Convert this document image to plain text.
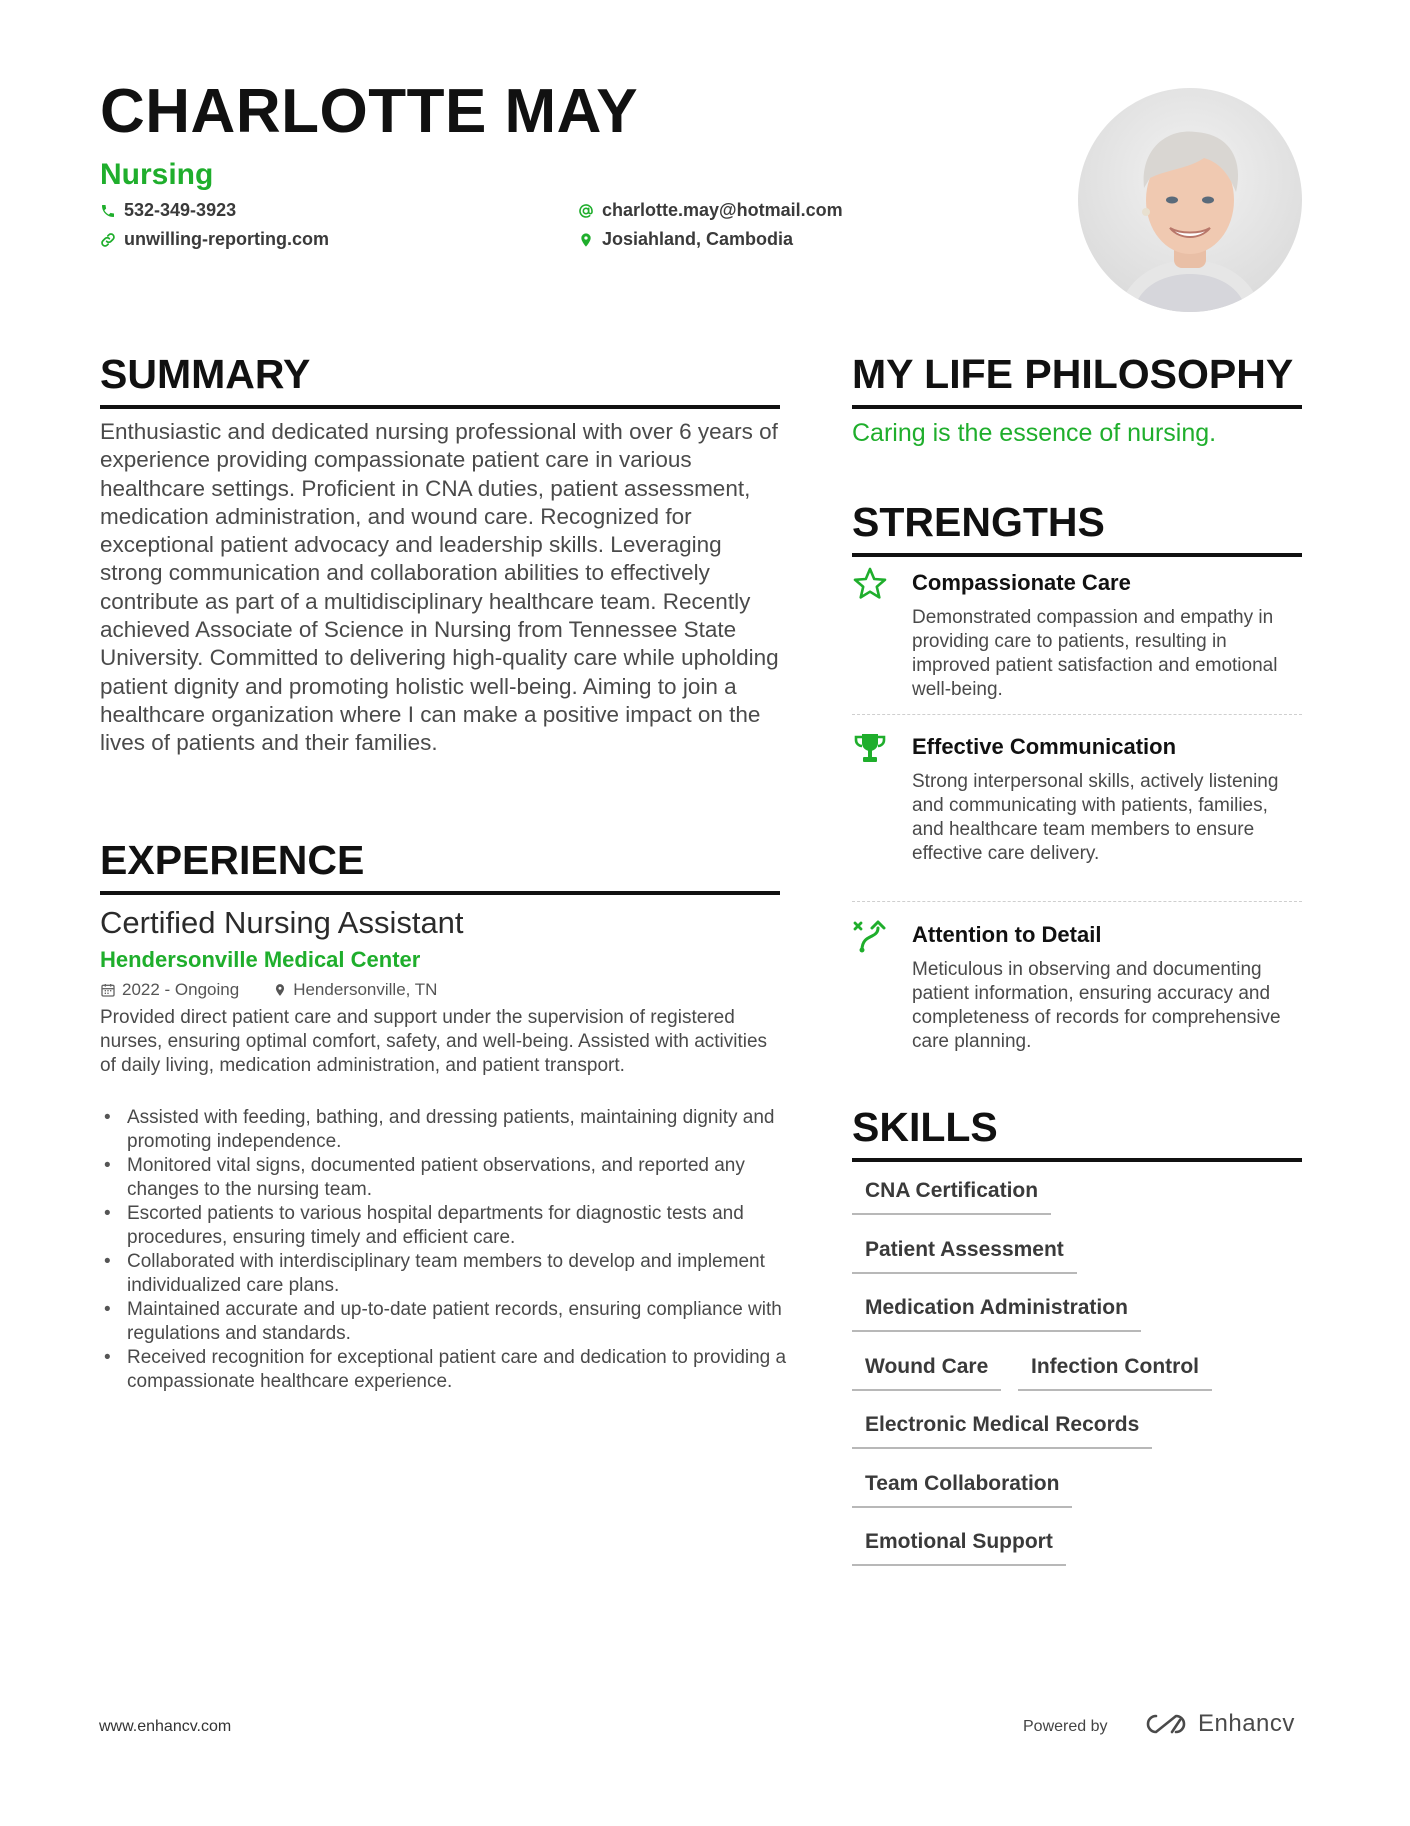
CHARLOTTE MAY
Nursing
532-349-3923
unwilling-reporting.com
charlotte.may@hotmail.com
Josiahland, Cambodia
SUMMARY
Enthusiastic and dedicated nursing professional with over 6 years of experience providing compassionate patient care in various healthcare settings. Proficient in CNA duties, patient assessment, medication administration, and wound care. Recognized for exceptional patient advocacy and leadership skills. Leveraging strong communication and collaboration abilities to effectively contribute as part of a multidisciplinary healthcare team. Recently achieved Associate of Science in Nursing from Tennessee State University. Committed to delivering high-quality care while upholding patient dignity and promoting holistic well-being. Aiming to join a healthcare organization where I can make a positive impact on the lives of patients and their families.
EXPERIENCE
Certified Nursing Assistant
Hendersonville Medical Center
2022 - Ongoing	Hendersonville, TN
Provided direct patient care and support under the supervision of registered nurses, ensuring optimal comfort, safety, and well-being. Assisted with activities of daily living, medication administration, and patient transport.
• Assisted with feeding, bathing, and dressing patients, maintaining dignity and promoting independence.
• Monitored vital signs, documented patient observations, and reported any changes to the nursing team.
• Escorted patients to various hospital departments for diagnostic tests and procedures, ensuring timely and efficient care.
• Collaborated with interdisciplinary team members to develop and implement individualized care plans.
• Maintained accurate and up-to-date patient records, ensuring compliance with regulations and standards.
• Received recognition for exceptional patient care and dedication to providing a compassionate healthcare experience.
MY LIFE PHILOSOPHY
Caring is the essence of nursing.
STRENGTHS
Compassionate Care
Demonstrated compassion and empathy in providing care to patients, resulting in improved patient satisfaction and emotional well-being.
Effective Communication
Strong interpersonal skills, actively listening and communicating with patients, families, and healthcare team members to ensure effective care delivery.
Attention to Detail
Meticulous in observing and documenting patient information, ensuring accuracy and completeness of records for comprehensive care planning.
SKILLS
CNA Certification
Patient Assessment
Medication Administration
Wound Care	Infection Control
Electronic Medical Records
Team Collaboration
Emotional Support
www.enhancv.com	Powered by	Enhancv
